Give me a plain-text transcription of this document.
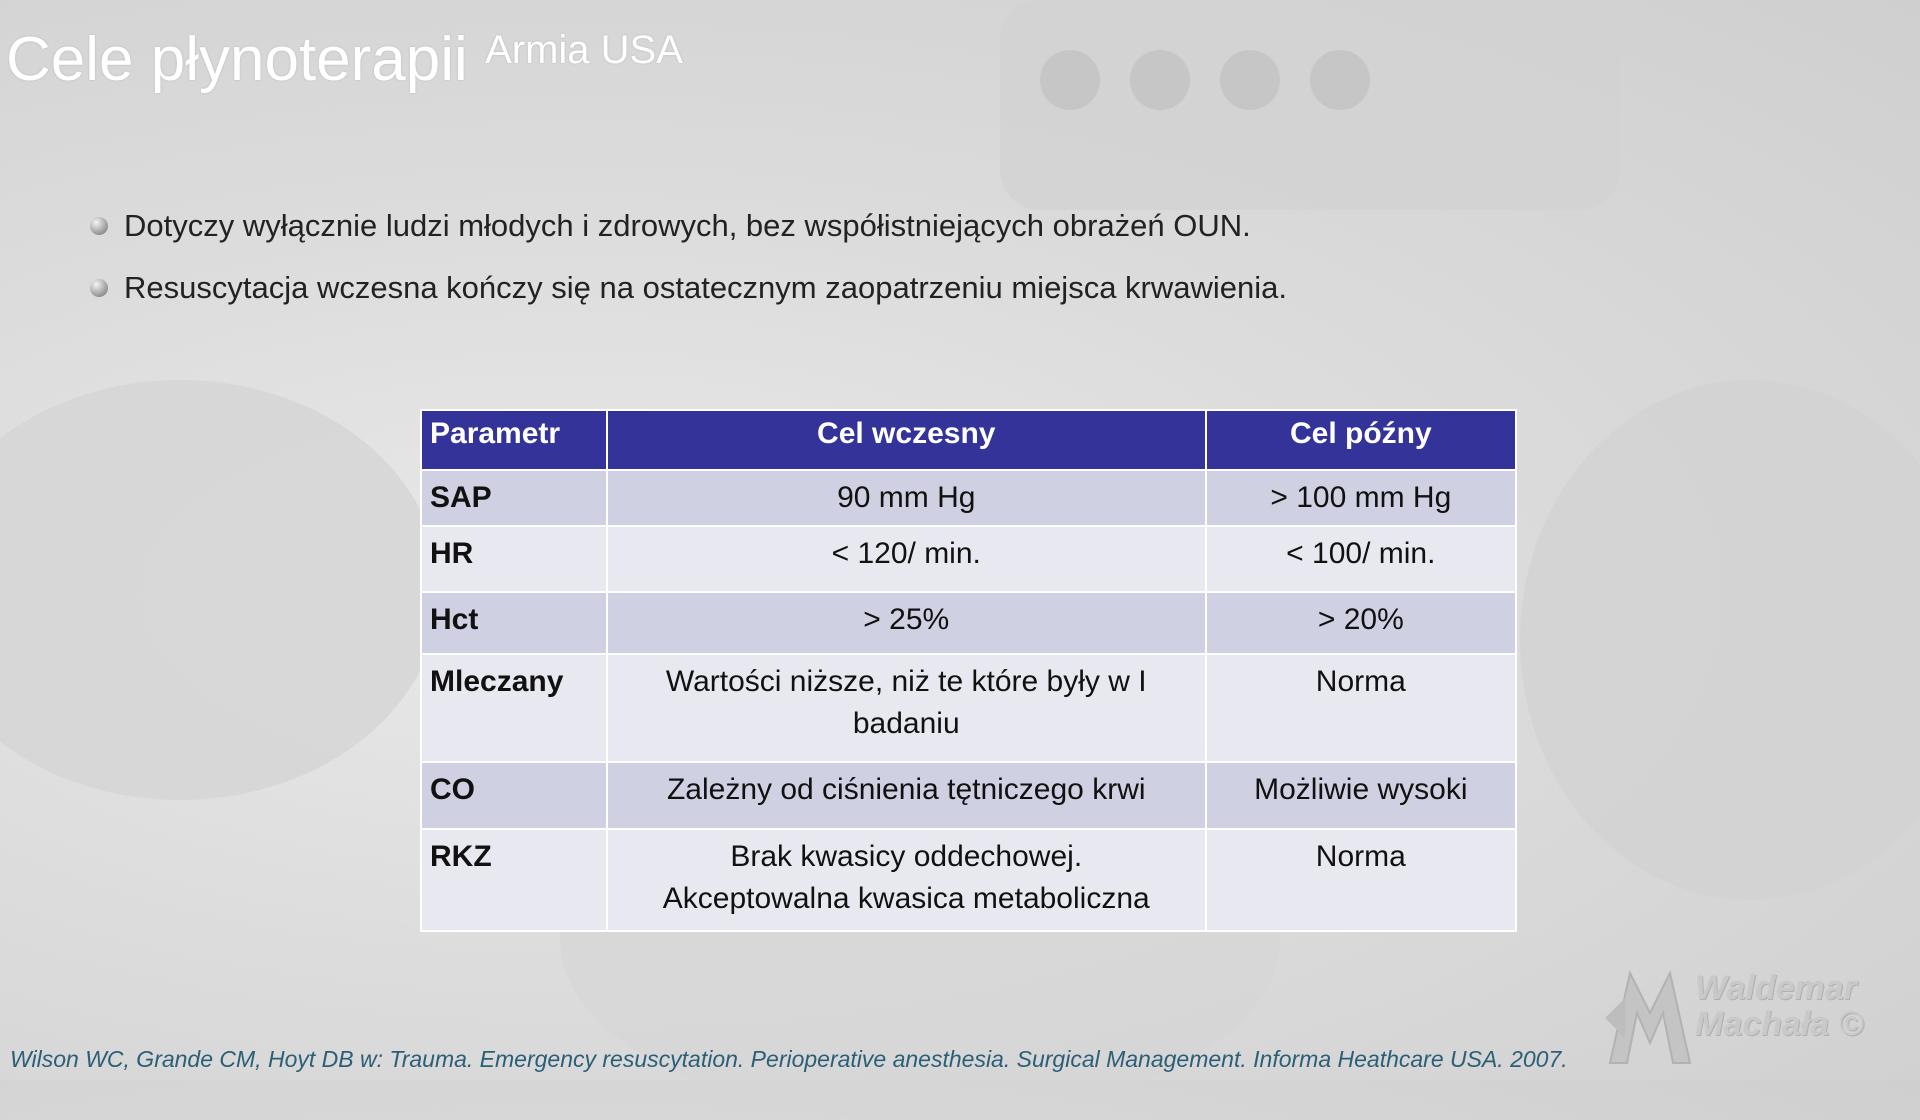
Cele płynoterapii $^{Armia USA}$
Dotyczy wyłącznie ludzi młodych i zdrowych, bez współistniejących obrażeń OUN.
Resuscytacja wczesna kończy się na ostatecznym zaopatrzeniu miejsca krwawienia.
Parametr	Cel wczesny	Cel późny
SAP	90 mm Hg	> 100 mm Hg
HR	< 120/ min.	< 100/ min.
Hct	> 25%	> 20%
Mleczany	Wartości niższe, niż te które były w I badaniu	Norma
CO	Zależny od ciśnienia tętniczego krwi	Możliwie wysoki
RKZ	Brak kwasicy oddechowej. Akceptowalna kwasica metaboliczna	Norma

Wilson WC, Grande CM, Hoyt DB w: Trauma. Emergency resuscytation. Perioperative anesthesia. Surgical Management. Informa Heathcare USA. 2007.

Waldemar
Machała ©
